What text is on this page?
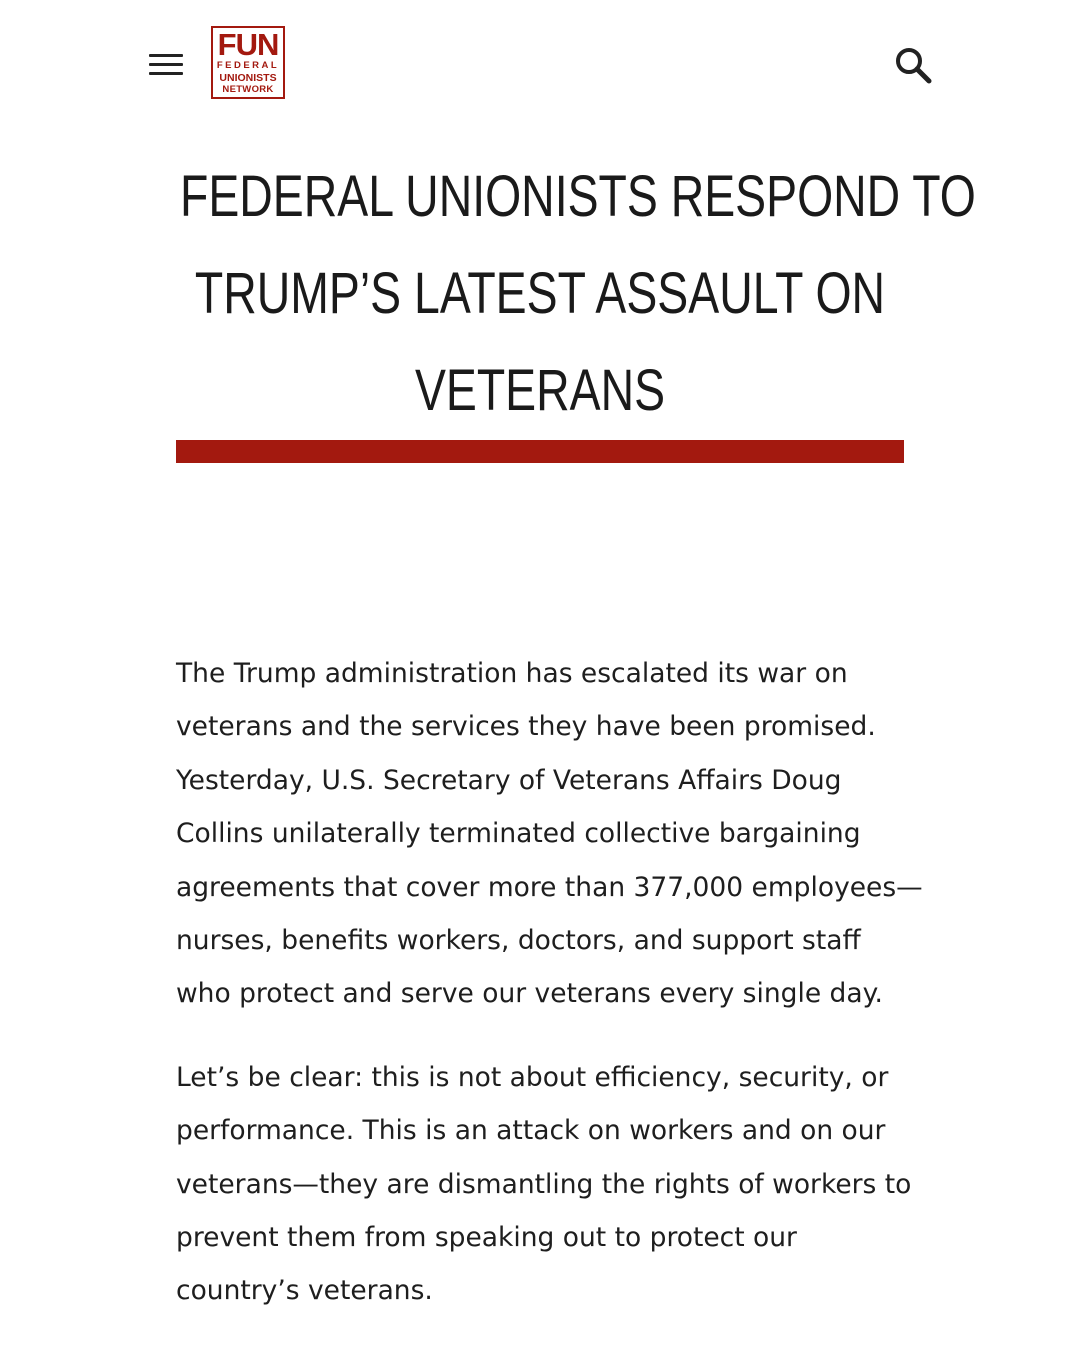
FUN
FEDERAL
UNIONISTS
NETWORK
FEDERAL UNIONISTS RESPOND TO
TRUMP’S LATEST ASSAULT ON
VETERANS

The Trump administration has escalated its war on
veterans and the services they have been promised.
Yesterday, U.S. Secretary of Veterans Affairs Doug
Collins unilaterally terminated collective bargaining
agreements that cover more than 377,000 employees—
nurses, benefits workers, doctors, and support staff
who protect and serve our veterans every single day.

Let’s be clear: this is not about efficiency, security, or
performance. This is an attack on workers and on our
veterans—they are dismantling the rights of workers to
prevent them from speaking out to protect our
country’s veterans.
